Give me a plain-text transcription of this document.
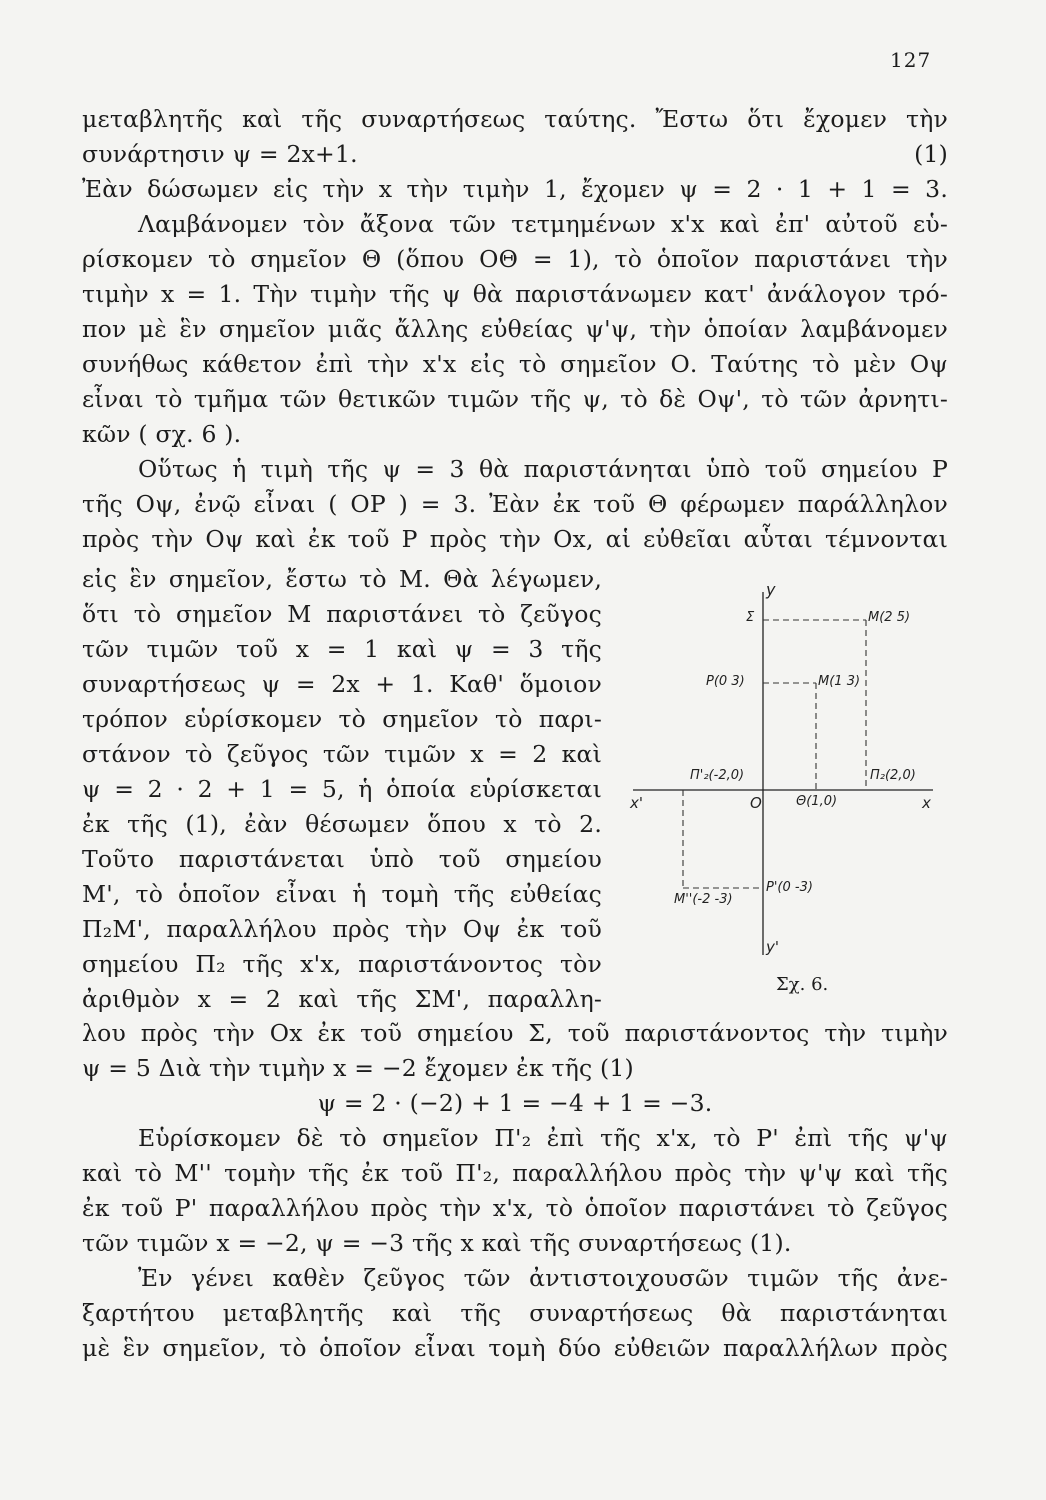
127
μεταβλητῆς καὶ τῆς συναρτήσεως ταύτης. Ἔστω ὅτι ἔχομεν τὴν
(1)
συνάρτησιν ψ = 2x+1.
Ἐὰν δώσωμεν εἰς τὴν x τὴν τιμὴν 1, ἔχομεν ψ = 2 · 1 + 1 = 3.
Λαμβάνομεν τὸν ἄξονα τῶν τετμημένων x'x καὶ ἐπ' αὐτοῦ εὑ-
ρίσκομεν τὸ σημεῖον Θ (ὅπου ΟΘ = 1), τὸ ὁποῖον παριστάνει τὴν
τιμὴν x = 1. Τὴν τιμὴν τῆς ψ θὰ παριστάνωμεν κατ' ἀνάλογον τρό-
πον μὲ ἓν σημεῖον μιᾶς ἄλλης εὐθείας ψ'ψ, τὴν ὁποίαν λαμβάνομεν
συνήθως κάθετον ἐπὶ τὴν x'x εἰς τὸ σημεῖον Ο. Ταύτης τὸ μὲν Οψ
εἶναι τὸ τμῆμα τῶν θετικῶν τιμῶν τῆς ψ, τὸ δὲ Οψ', τὸ τῶν ἀρνητι-
κῶν ( σχ. 6 ).
Οὕτως ἡ τιμὴ τῆς ψ = 3 θὰ παριστάνηται ὑπὸ τοῦ σημείου Ρ
τῆς Οψ, ἐνῷ εἶναι ( ΟΡ ) = 3. Ἐὰν ἐκ τοῦ Θ φέρωμεν παράλληλον
πρὸς τὴν Οψ καὶ ἐκ τοῦ Ρ πρὸς τὴν Οx, αἱ εὐθεῖαι αὗται τέμνονται
εἰς ἓν σημεῖον, ἔστω τὸ Μ. Θὰ λέγωμεν,
ὅτι τὸ σημεῖον Μ παριστάνει τὸ ζεῦγος
τῶν τιμῶν τοῦ x = 1 καὶ ψ = 3 τῆς
συναρτήσεως ψ = 2x + 1. Καθ' ὅμοιον
τρόπον εὑρίσκομεν τὸ σημεῖον τὸ παρι-
στάνον τὸ ζεῦγος τῶν τιμῶν x = 2 καὶ
ψ = 2 · 2 + 1 = 5, ἡ ὁποία εὑρίσκεται
ἐκ τῆς (1), ἐὰν θέσωμεν ὅπου x τὸ 2.
Τοῦτο παριστάνεται ὑπὸ τοῦ σημείου
Μ', τὸ ὁποῖον εἶναι ἡ τομὴ τῆς εὐθείας
Π₂Μ', παραλλήλου πρὸς τὴν Οψ ἐκ τοῦ
σημείου Π₂ τῆς x'x, παριστάνοντος τὸν
ἀριθμὸν x = 2 καὶ τῆς ΣΜ', παραλλη-
λου πρὸς τὴν Οx ἐκ τοῦ σημείου Σ, τοῦ παριστάνοντος τὴν τιμὴν
ψ = 5 Διὰ τὴν τιμὴν x = −2 ἔχομεν ἐκ τῆς (1)
ψ = 2 · (−2) + 1 = −4 + 1 = −3.
Εὑρίσκομεν δὲ τὸ σημεῖον Π'₂ ἐπὶ τῆς x'x, τὸ Ρ' ἐπὶ τῆς ψ'ψ
καὶ τὸ Μ'' τομὴν τῆς ἐκ τοῦ Π'₂, παραλλήλου πρὸς τὴν ψ'ψ καὶ τῆς
ἐκ τοῦ Ρ' παραλλήλου πρὸς τὴν x'x, τὸ ὁποῖον παριστάνει τὸ ζεῦγος
τῶν τιμῶν x = −2, ψ = −3 τῆς x καὶ τῆς συναρτήσεως (1).
Ἐν γένει καθὲν ζεῦγος τῶν ἀντιστοιχουσῶν τιμῶν τῆς ἀνε-
ξαρτήτου μεταβλητῆς καὶ τῆς συναρτήσεως θὰ παριστάνηται
μὲ ἓν σημεῖον, τὸ ὁποῖον εἶναι τομὴ δύο εὐθειῶν παραλλήλων πρὸς
y
y'
x'	x
O
Σ	M(2 5)
P(0 3)	M(1 3)
Π'₂(-2,0)	Π₂(2,0)
Θ(1,0)
P'(0 -3)
M''(-2 -3)
Σχ. 6.
